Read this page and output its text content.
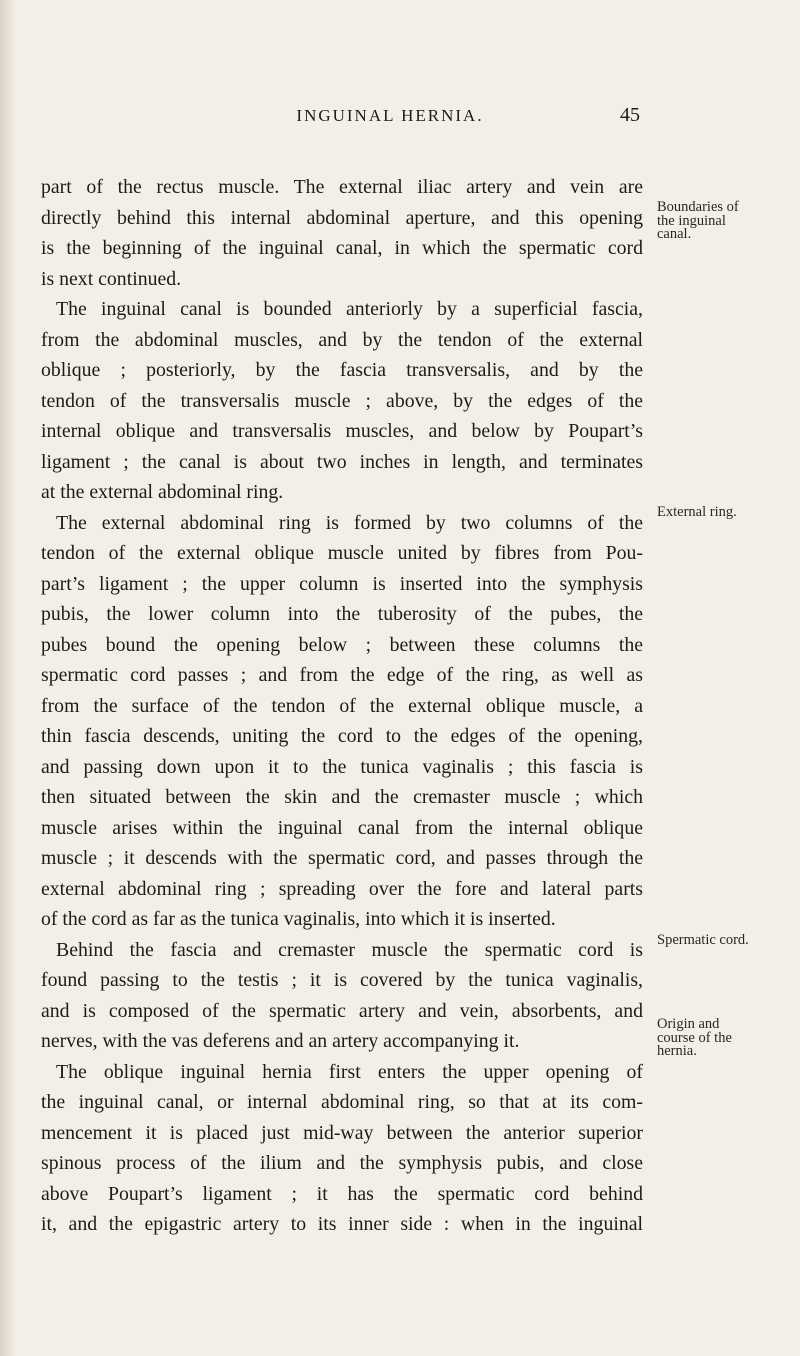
INGUINAL HERNIA.	45
part of the rectus muscle. The external iliac artery and vein are
directly behind this internal abdominal aperture, and this opening
is the beginning of the inguinal canal, in which the spermatic cord
is next continued.
The inguinal canal is bounded anteriorly by a superficial fascia,
from the abdominal muscles, and by the tendon of the external
oblique ; posteriorly, by the fascia transversalis, and by the
tendon of the transversalis muscle ; above, by the edges of the
internal oblique and transversalis muscles, and below by Poupart’s
ligament ; the canal is about two inches in length, and terminates
at the external abdominal ring.
The external abdominal ring is formed by two columns of the
tendon of the external oblique muscle united by fibres from Pou-
part’s ligament ; the upper column is inserted into the symphysis
pubis, the lower column into the tuberosity of the pubes, the
pubes bound the opening below ; between these columns the
spermatic cord passes ; and from the edge of the ring, as well as
from the surface of the tendon of the external oblique muscle, a
thin fascia descends, uniting the cord to the edges of the opening,
and passing down upon it to the tunica vaginalis ; this fascia is
then situated between the skin and the cremaster muscle ; which
muscle arises within the inguinal canal from the internal oblique
muscle ; it descends with the spermatic cord, and passes through the
external abdominal ring ; spreading over the fore and lateral parts
of the cord as far as the tunica vaginalis, into which it is inserted.
Behind the fascia and cremaster muscle the spermatic cord is
found passing to the testis ; it is covered by the tunica vaginalis,
and is composed of the spermatic artery and vein, absorbents, and
nerves, with the vas deferens and an artery accompanying it.
The oblique inguinal hernia first enters the upper opening of
the inguinal canal, or internal abdominal ring, so that at its com-
mencement it is placed just mid-way between the anterior superior
spinous process of the ilium and the symphysis pubis, and close
above Poupart’s ligament ; it has the spermatic cord behind
it, and the epigastric artery to its inner side : when in the inguinal
Boundaries of
the inguinal
canal.
External ring.
Spermatic cord.
Origin and
course of the
hernia.
